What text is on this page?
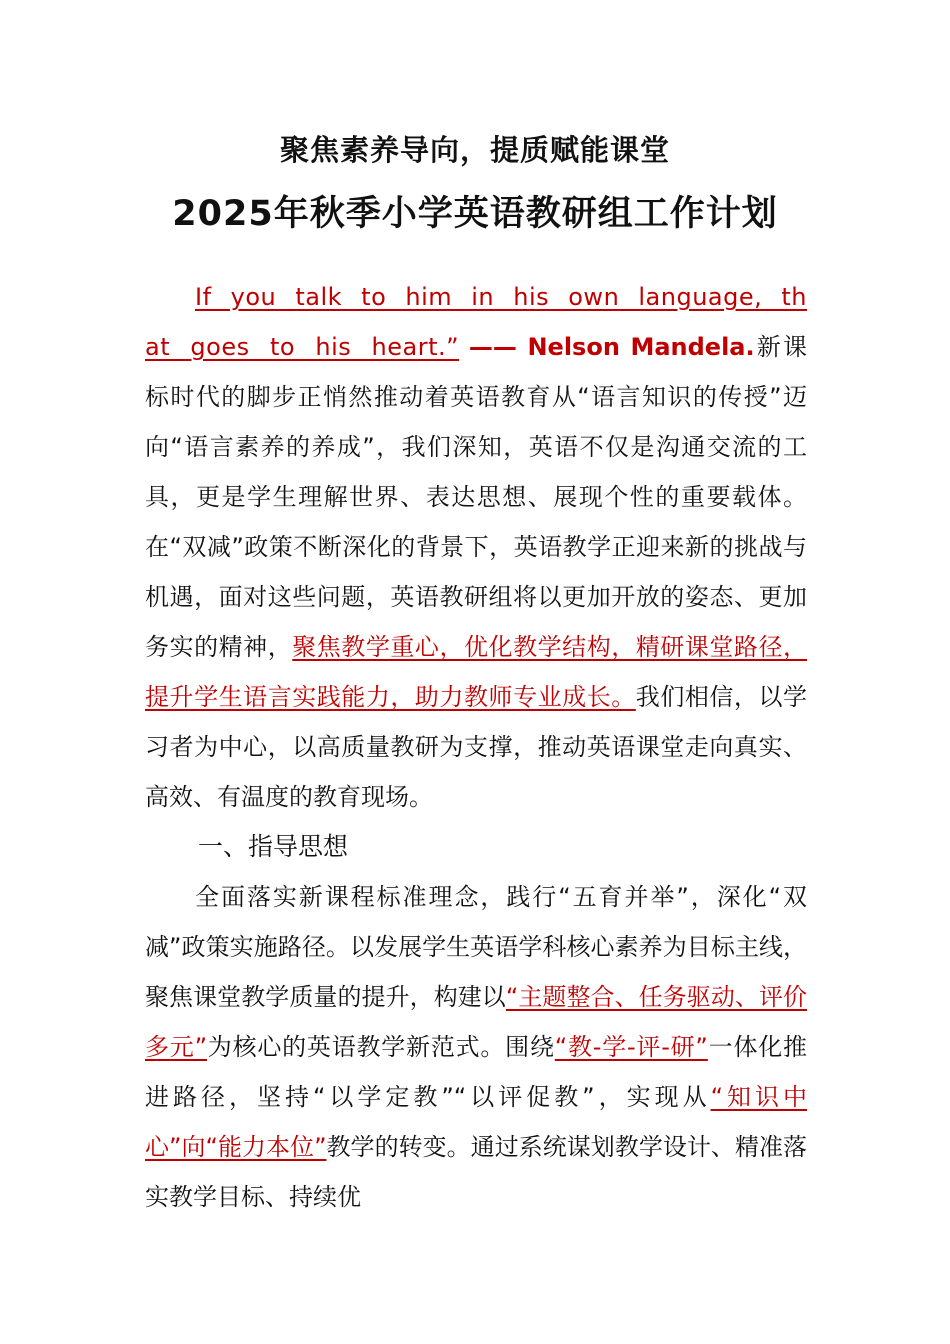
聚焦素养导向，提质赋能课堂
2025年秋季小学英语教研组工作计划
If you talk to him in his own language, that goes to his heart.” —— Nelson Mandela.新课标时代的脚步正悄然推动着英语教育从“语言知识的传授”迈向“语言素养的养成”，我们深知，英语不仅是沟通交流的工具，更是学生理解世界、表达思想、展现个性的重要载体。在“双减”政策不断深化的背景下，英语教学正迎来新的挑战与机遇，面对这些问题，英语教研组将以更加开放的姿态、更加务实的精神，聚焦教学重心，优化教学结构，精研课堂路径，提升学生语言实践能力，助力教师专业成长。我们相信，以学习者为中心，以高质量教研为支撑，推动英语课堂走向真实、高效、有温度的教育现场。
一、指导思想
全面落实新课程标准理念，践行“五育并举”，深化“双减”政策实施路径。以发展学生英语学科核心素养为目标主线，聚焦课堂教学质量的提升，构建以“主题整合、任务驱动、评价多元”为核心的英语教学新范式。围绕“教-学-评-研”一体化推进路径，坚持“以学定教”“以评促教”，实现从“知识中心”向“能力本位”教学的转变。通过系统谋划教学设计、精准落实教学目标、持续优
